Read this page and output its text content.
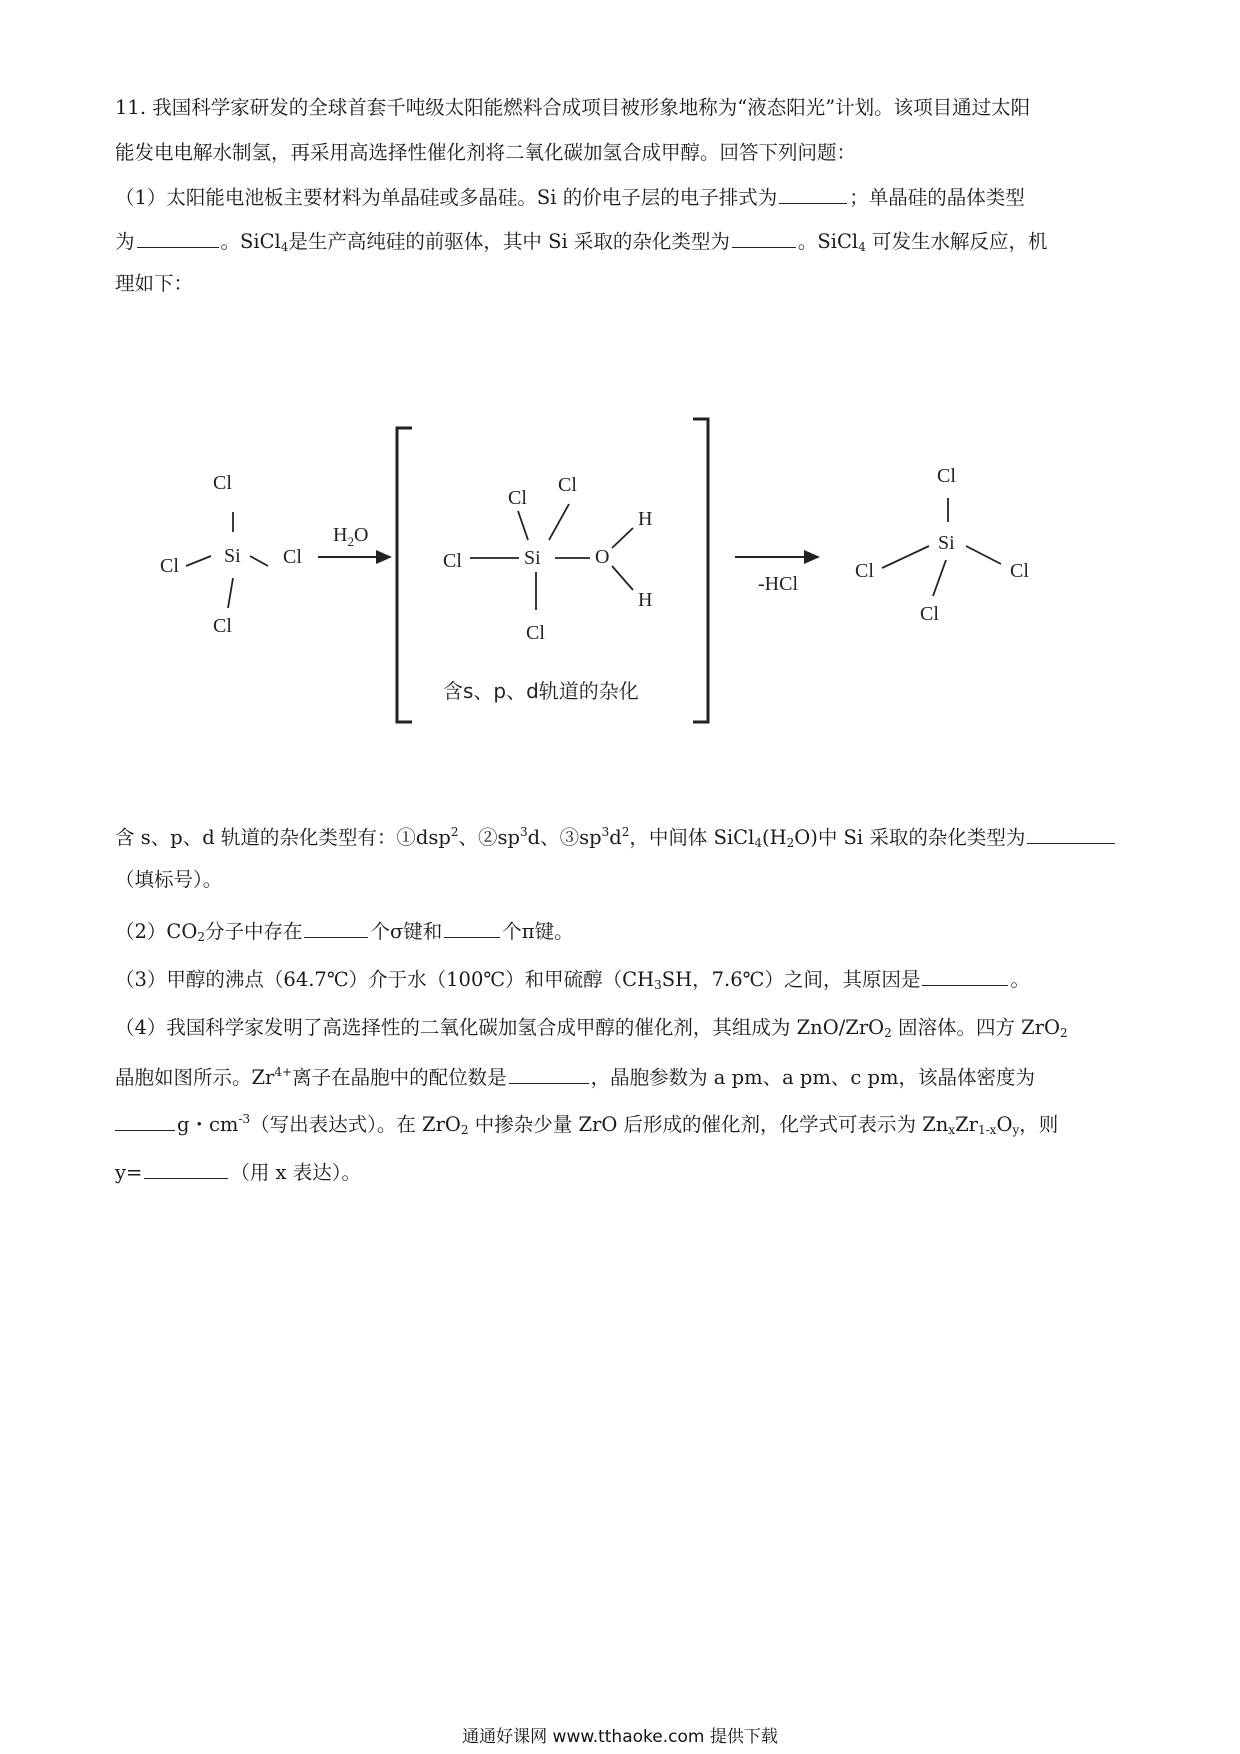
11. 我国科学家研发的全球首套千吨级太阳能燃料合成项目被形象地称为“液态阳光”计划。该项目通过太阳
能发电电解水制氢，再采用高选择性催化剂将二氧化碳加氢合成甲醇。回答下列问题：
（1）太阳能电池板主要材料为单晶硅或多晶硅。Si 的价电子层的电子排式为	；单晶硅的晶体类型
为	。SiCl$_4$是生产高纯硅的前驱体，其中 Si 采取的杂化类型为	。SiCl$_4$ 可发生水解反应，机
理如下：
Cl
Si
Cl	Cl
Cl
$H_2O$
Cl
Cl
Si
Cl	O
H
H
Cl
含s、p、d轨道的杂化
-HCl
Cl
Si
Cl	Cl
Cl
含 s、p、d 轨道的杂化类型有：①dsp$^2$、$②sp^3d$、$③sp^3d^2$，中间体 $SiCl_4(H_2O)$中 Si 采取的杂化类型为
（填标号）。
$(2)CO_2$分子中存在	个σ键和	个π键。
（3）甲醇的沸点（64.7℃）介于水（100℃）和甲硫醇（$CH_3SH$，7.6℃）之间，其原因是	。
（4）我国科学家发明了高选择性的二氧化碳加氢合成甲醇的催化剂，其组成为 ZnO/ZrO$_2$ 固溶体。四方 ZrO$_2$
晶胞如图所示。$Zr^{4+}$离子在晶胞中的配位数是	，晶胞参数为 a pm、a pm、c pm，该晶体密度为
g・$cm^{-3}$（写出表达式）。在 ZrO$_2$ 中掺杂少量 ZrO 后形成的催化剂，化学式可表示为 $Zn_xZr_{1-x}O_y$，则
y=	（用 x 表达）。
通通好课网 www.tthaoke.com 提供下载
